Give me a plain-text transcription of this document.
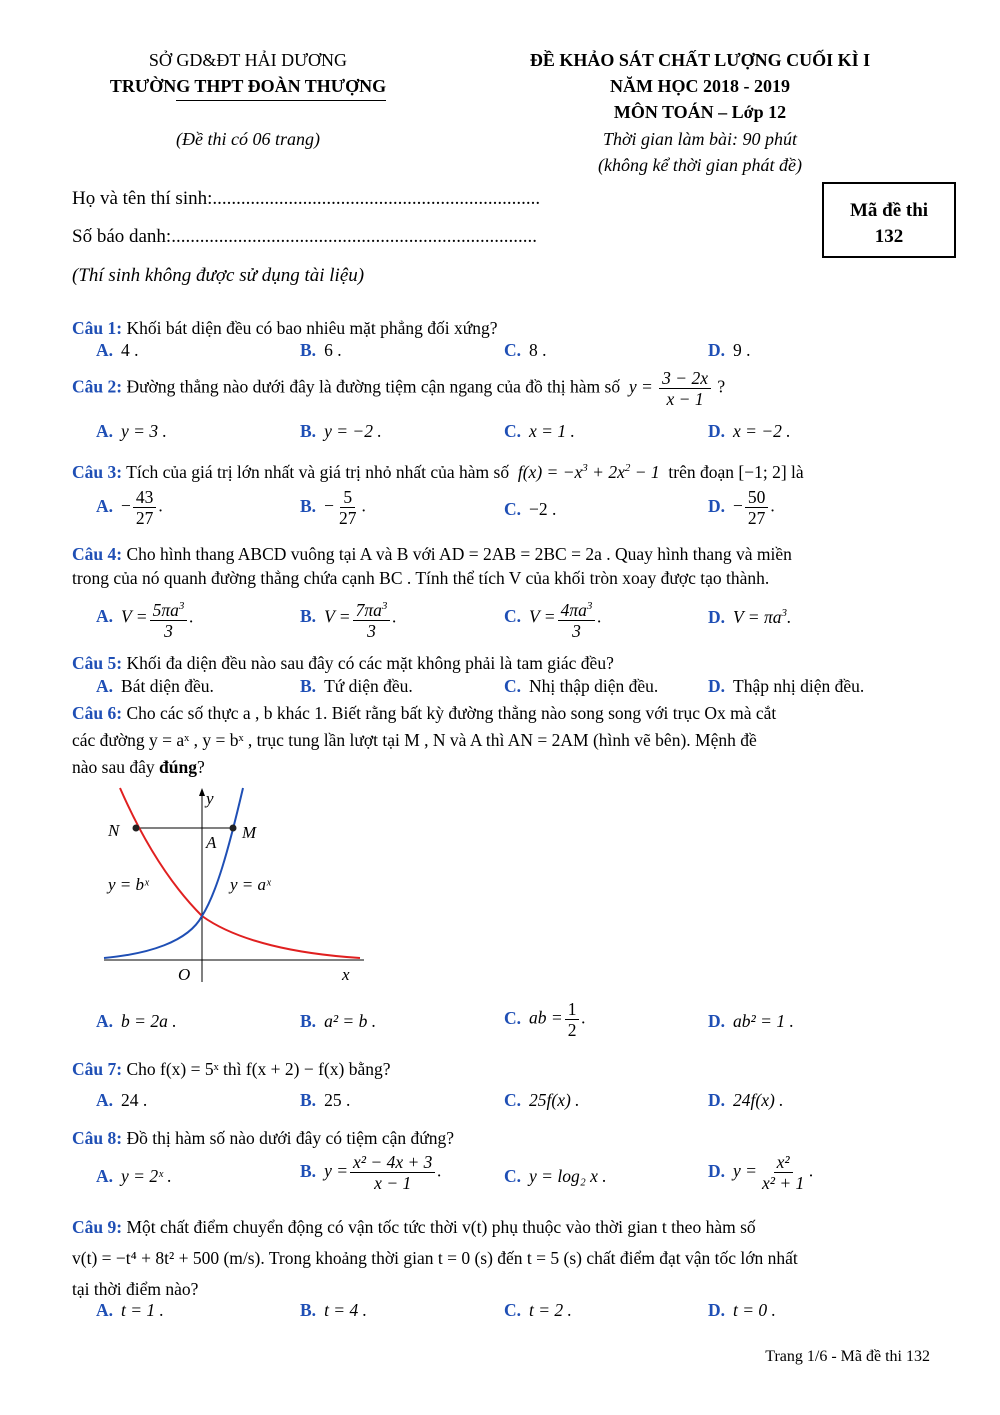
SỞ GD&ĐT HẢI DƯƠNG
TRƯỜNG THPT ĐOÀN THƯỢNG
(Đề thi có 06 trang)
ĐỀ KHẢO SÁT CHẤT LƯỢNG CUỐI KÌ I
NĂM HỌC 2018 - 2019
MÔN TOÁN – Lớp 12
Thời gian làm bài: 90 phút
(không kể thời gian phát đề)
Họ và tên thí sinh:.....................................................................
Số báo danh:.............................................................................
(Thí sinh không được sử dụng tài liệu)
Mã đề thi
132
Câu 1: Khối bát diện đều có bao nhiêu mặt phẳng đối xứng?
A. 4 .	B. 6 .	C. 8 .	D. 9 .
Câu 2: Đường thẳng nào dưới đây là đường tiệm cận ngang của đồ thị hàm số  $y = \frac{3 - 2x}{x - 1}$ ?
A. y = 3 .	B. y = −2 .	C. x = 1 .	D. x = −2 .
Câu 3: Tích của giá trị lớn nhất và giá trị nhỏ nhất của hàm số  $f(x) = -x^3 + 2x^2 - 1$  trên đoạn [−1; 2] là
A. − $\frac{43}{27}$ .	B. − $\frac{5}{27}$ .	C. −2 .	D. − $\frac{50}{27}$ .
Câu 4: Cho hình thang ABCD vuông tại A và B với AD = 2AB = 2BC = 2a . Quay hình thang và miền
trong của nó quanh đường thẳng chứa cạnh BC . Tính thể tích V của khối tròn xoay được tạo thành.
A. $V = \frac{5\pi a^3}{3}$ .	B. $V = \frac{7\pi a^3}{3}$ .	C. $V = \frac{4\pi a^3}{3}$ .	D. $V = \pi a^3$.
Câu 5: Khối đa diện đều nào sau đây có các mặt không phải là tam giác đều?
A. Bát diện đều.	B. Tứ diện đều.	C. Nhị thập diện đều.	D. Thập nhị diện đều.
Câu 6: Cho các số thực a , b khác 1. Biết rằng bất kỳ đường thẳng nào song song với trục Ox mà cắt
các đường y = aˣ , y = bˣ , trục tung lần lượt tại M , N và A thì AN = 2AM (hình vẽ bên). Mệnh đề
nào sau đây đúng?
y
N	M
A
y = bˣ	y = aˣ
O	x
A. b = 2a .	B. a² = b .	C. ab = $\frac{1}{2}$ .	D. ab² = 1 .
Câu 7: Cho f(x) = 5ˣ thì f(x + 2) − f(x) bằng?
A. 24 .	B. 25 .	C. 25f(x) .	D. 24f(x) .
Câu 8: Đồ thị hàm số nào dưới đây có tiệm cận đứng?
A. y = 2ˣ .	B. $y = \frac{\text{x² − 4x + 3}}{x - 1}$ .	C. y = log₂ x .	D. $y = \frac{\text{x²}}{\text{x² + 1}}$ .
Câu 9: Một chất điểm chuyển động có vận tốc tức thời v(t) phụ thuộc vào thời gian t theo hàm số
v(t) = −t⁴ + 8t² + 500 (m/s). Trong khoảng thời gian t = 0 (s) đến t = 5 (s) chất điểm đạt vận tốc lớn nhất
tại thời điểm nào?
A. t = 1 .	B. t = 4 .	C. t = 2 .	D. t = 0 .
Trang 1/6 - Mã đề thi 132
